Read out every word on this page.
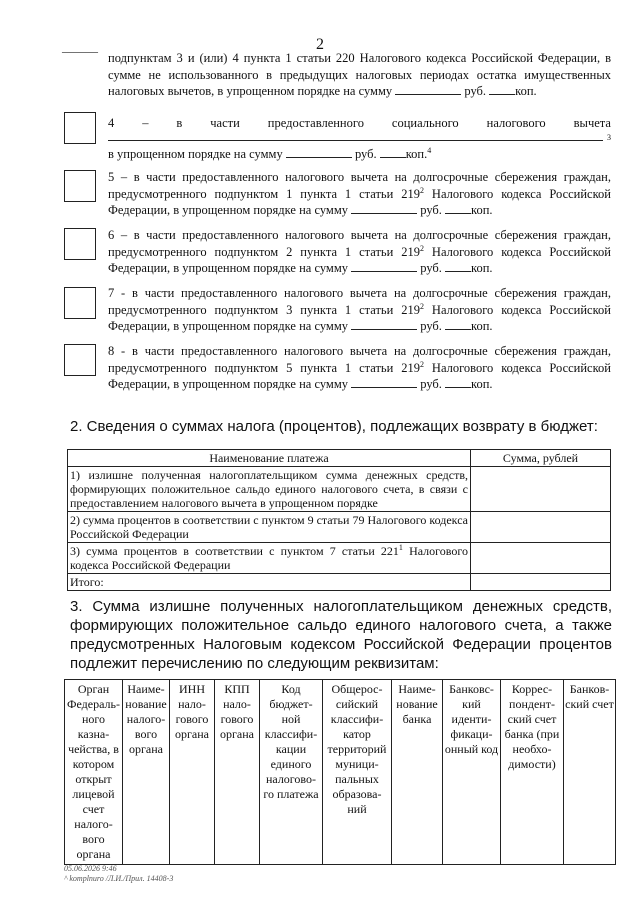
2
——— подпунктам 3 и (или) 4 пункта 1 статьи 220 Налогового кодекса Российской Федерации, в сумме не использованного в предыдущих налоговых периодах остатка имущественных налоговых вычетов, в упрощенном порядке на сумму	руб. коп.
4 – в части предоставленного социального налогового вычета
3
в упрощенном порядке на сумму	руб. коп.$^4$
5 – в части предоставленного налогового вычета на долгосрочные сбережения граждан, предусмотренного подпунктом 1 пункта 1 статьи $219^2$ Налогового кодекса Российской Федерации, в упрощенном порядке на сумму	руб. коп.
6 – в части предоставленного налогового вычета на долгосрочные сбережения граждан, предусмотренного подпунктом 2 пункта 1 статьи $219^2$ Налогового кодекса Российской Федерации, в упрощенном порядке на сумму	руб. коп.
7 - в части предоставленного налогового вычета на долгосрочные сбережения граждан, предусмотренного подпунктом 3 пункта 1 статьи $219^2$ Налогового кодекса Российской Федерации, в упрощенном порядке на сумму	руб. коп.
8 - в части предоставленного налогового вычета на долгосрочные сбережения граждан, предусмотренного подпунктом 5 пункта 1 статьи $219^2$ Налогового кодекса Российской Федерации, в упрощенном порядке на сумму	руб. коп.
2. Сведения о суммах налога (процентов), подлежащих возврату в бюджет:
Наименование платежа	Сумма, рублей
1) излишне полученная налогоплательщиком сумма денежных средств, формирующих положительное сальдо единого налогового счета, в связи с предоставлением налогового вычета в упрощенном порядке	
2) сумма процентов в соответствии с пунктом 9 статьи 79 Налогового кодекса Российской Федерации	
3) сумма процентов в соответствии с пунктом 7 статьи $221^1$ Налогового кодекса Российской Федерации	
Итого:	
3. Сумма излишне полученных налогоплательщиком денежных средств, формирующих положительное сальдо единого налогового счета, а также предусмотренных Налоговым кодексом Российской Федерации процентов подлежит перечислению по следующим реквизитам:
Орган Федераль-ного казна-чейства, в котором открыт лицевой счет налого-вого органа	Наиме-нование налого-вого органа	ИНН нало-гового органа	КПП нало-гового органа	Код бюджет-ной классифи-кации единого налогово-го платежа	Общерос-сийский классифи-катор территорий муници-пальных образова-ний	Наиме-нование банка	Банковс-кий иденти-фикаци-онный код	Коррес-пондент-ский счет банка (при необхо-димости)	Банков-ский счет
05.06.2026 9:46
^ komplnuro /Л.И./Прил. 14408-3
